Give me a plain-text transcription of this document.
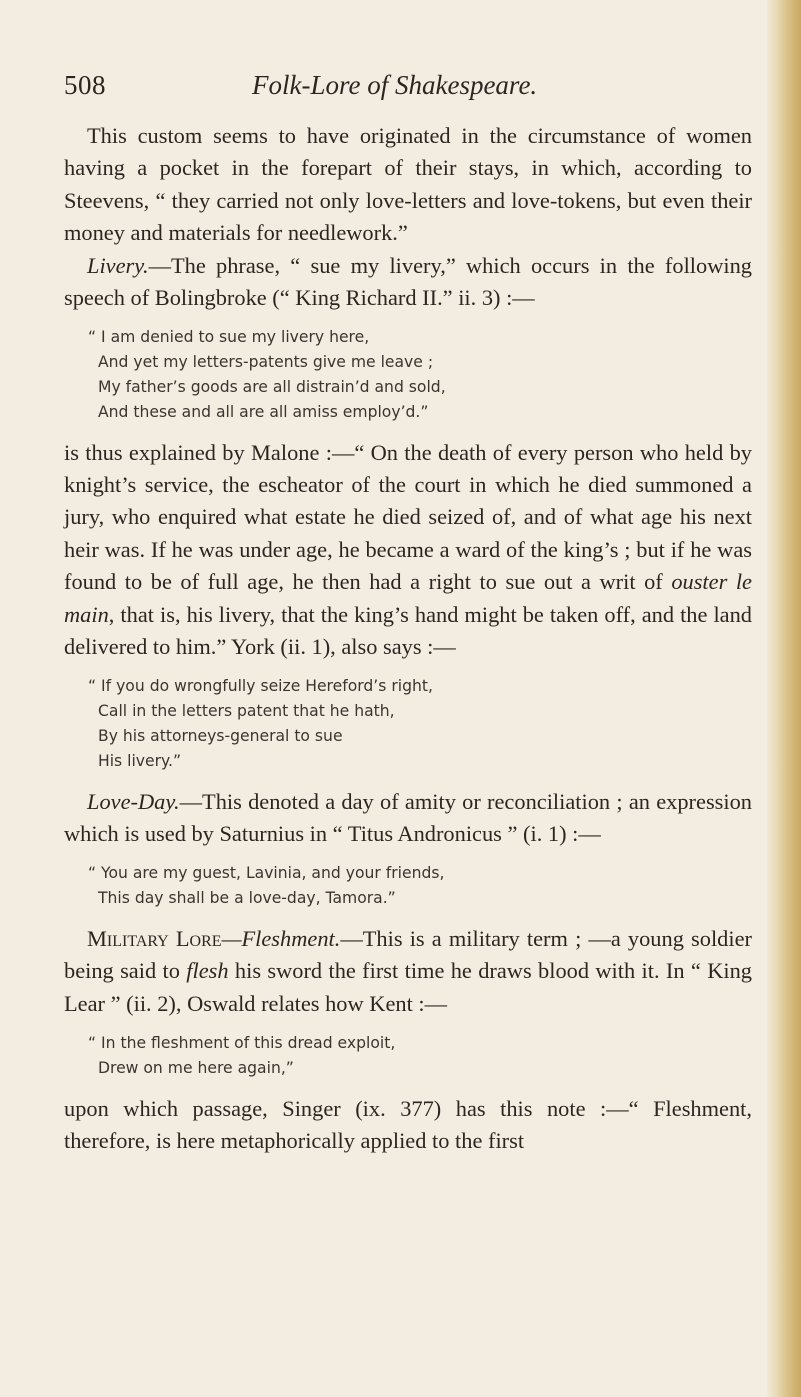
508	Folk-Lore of Shakespeare.

This custom seems to have originated in the circumstance of women having a pocket in the forepart of their stays, in which, according to Steevens, “ they carried not only love-letters and love-tokens, but even their money and materials for needlework.”

Livery.—The phrase, “ sue my livery,” which occurs in the following speech of Bolingbroke (“ King Richard II.” ii. 3) :—

“ I am denied to sue my livery here,
And yet my letters-patents give me leave ;
My father’s goods are all distrain’d and sold,
And these and all are all amiss employ’d.”

is thus explained by Malone :—“ On the death of every person who held by knight’s service, the escheator of the court in which he died summoned a jury, who enquired what estate he died seized of, and of what age his next heir was. If he was under age, he became a ward of the king’s ; but if he was found to be of full age, he then had a right to sue out a writ of ouster le main, that is, his livery, that the king’s hand might be taken off, and the land delivered to him.” York (ii. 1), also says :—

“ If you do wrongfully seize Hereford’s right,
Call in the letters patent that he hath,
By his attorneys-general to sue
His livery.”

Love-Day.—This denoted a day of amity or reconciliation ; an expression which is used by Saturnius in “ Titus Andronicus ” (i. 1) :—

“ You are my guest, Lavinia, and your friends,
This day shall be a love-day, Tamora.”

Military Lore—Fleshment.—This is a military term ; —a young soldier being said to flesh his sword the first time he draws blood with it. In “ King Lear ” (ii. 2), Oswald relates how Kent :—

“ In the fleshment of this dread exploit,
Drew on me here again,”

upon which passage, Singer (ix. 377) has this note :—“ Fleshment, therefore, is here metaphorically applied to the first
